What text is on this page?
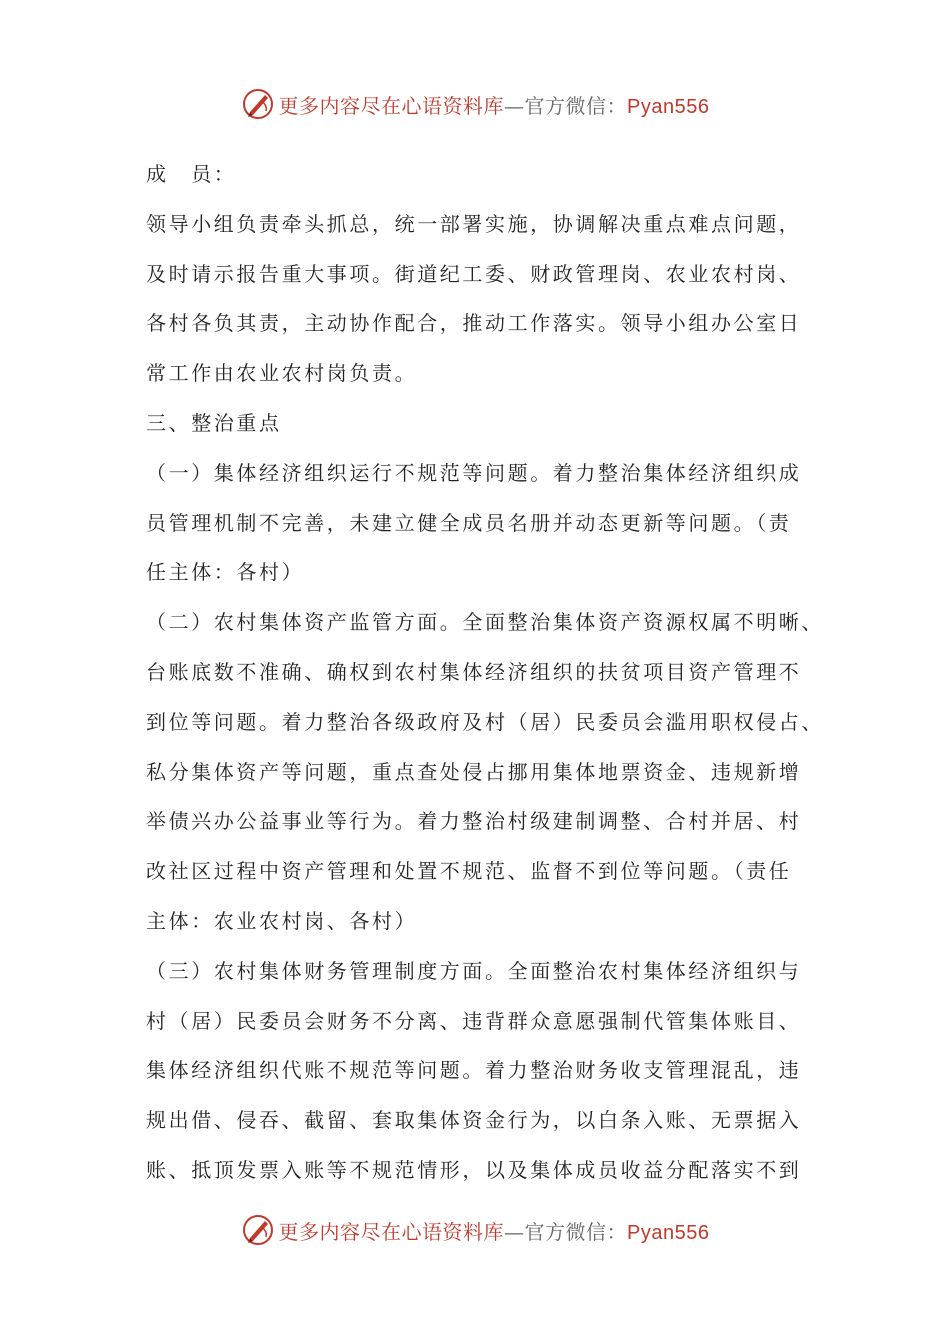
更多内容尽在心语资料库—官方微信：Pyan556
成　员：
领导小组负责牵头抓总，统一部署实施，协调解决重点难点问题，
及时请示报告重大事项。街道纪工委、财政管理岗、农业农村岗、
各村各负其责，主动协作配合，推动工作落实。领导小组办公室日
常工作由农业农村岗负责。
三、整治重点
（一）集体经济组织运行不规范等问题。着力整治集体经济组织成
员管理机制不完善，未建立健全成员名册并动态更新等问题。（责
任主体：各村）
（二）农村集体资产监管方面。全面整治集体资产资源权属不明晰、
台账底数不准确、确权到农村集体经济组织的扶贫项目资产管理不
到位等问题。着力整治各级政府及村（居）民委员会滥用职权侵占、
私分集体资产等问题，重点查处侵占挪用集体地票资金、违规新增
举债兴办公益事业等行为。着力整治村级建制调整、合村并居、村
改社区过程中资产管理和处置不规范、监督不到位等问题。（责任
主体：农业农村岗、各村）
（三）农村集体财务管理制度方面。全面整治农村集体经济组织与
村（居）民委员会财务不分离、违背群众意愿强制代管集体账目、
集体经济组织代账不规范等问题。着力整治财务收支管理混乱，违
规出借、侵吞、截留、套取集体资金行为，以白条入账、无票据入
账、抵顶发票入账等不规范情形，以及集体成员收益分配落实不到
更多内容尽在心语资料库—官方微信：Pyan556
